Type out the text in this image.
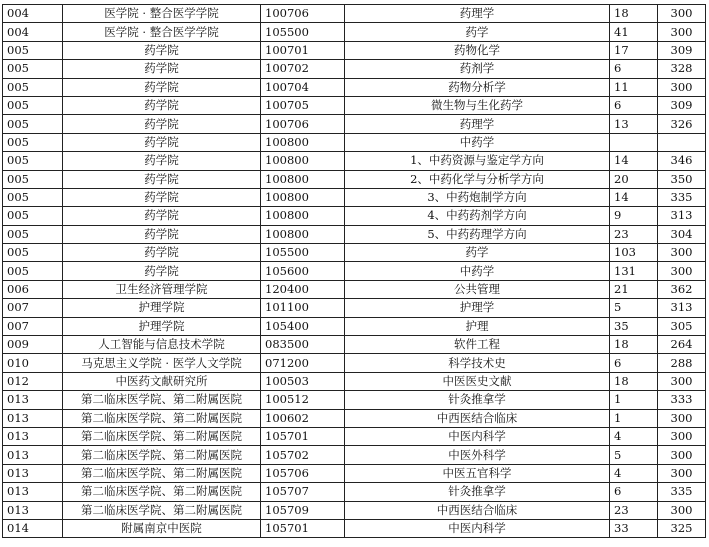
004	医学院 · 整合医学学院	100706	药理学	18	300
004	医学院 · 整合医学学院	105500	药学	41	300
005	药学院	100701	药物化学	17	309
005	药学院	100702	药剂学	6	328
005	药学院	100704	药物分析学	11	300
005	药学院	100705	微生物与生化药学	6	309
005	药学院	100706	药理学	13	326
005	药学院	100800	中药学		
005	药学院	100800	1、中药资源与鉴定学方向	14	346
005	药学院	100800	2、中药化学与分析学方向	20	350
005	药学院	100800	3、中药炮制学方向	14	335
005	药学院	100800	4、中药药剂学方向	9	313
005	药学院	100800	5、中药药理学方向	23	304
005	药学院	105500	药学	103	300
005	药学院	105600	中药学	131	300
006	卫生经济管理学院	120400	公共管理	21	362
007	护理学院	101100	护理学	5	313
007	护理学院	105400	护理	35	305
009	人工智能与信息技术学院	083500	软件工程	18	264
010	马克思主义学院 · 医学人文学院	071200	科学技术史	6	288
012	中医药文献研究所	100503	中医医史文献	18	300
013	第二临床医学院、第二附属医院	100512	针灸推拿学	1	333
013	第二临床医学院、第二附属医院	100602	中西医结合临床	1	300
013	第二临床医学院、第二附属医院	105701	中医内科学	4	300
013	第二临床医学院、第二附属医院	105702	中医外科学	5	300
013	第二临床医学院、第二附属医院	105706	中医五官科学	4	300
013	第二临床医学院、第二附属医院	105707	针灸推拿学	6	335
013	第二临床医学院、第二附属医院	105709	中西医结合临床	23	300
014	附属南京中医院	105701	中医内科学	33	325
